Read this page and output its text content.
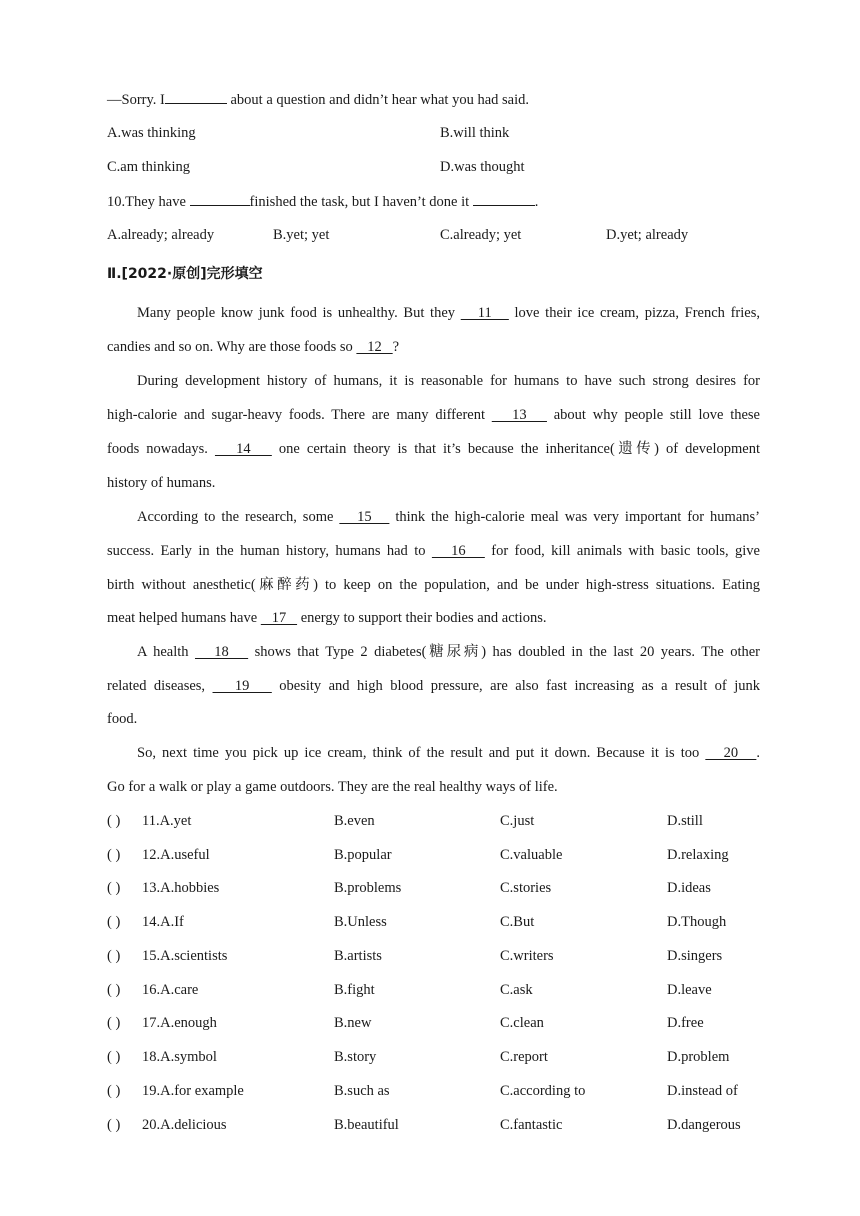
—Sorry. I	about a question and didn’t hear what you had said.
A.was thinking	B.will think
C.am thinking	D.was thought
10.They have	finished the task, but I haven’t done it	.
A.already; already	B.yet; yet	C.already; yet	D.yet; already
Ⅱ.[2022·原创]完形填空
Many people know junk food is unhealthy. But they    11    love their ice cream, pizza, French fries,
candies and so on. Why are those foods so    12   ?
During development history of humans, it is reasonable for humans to have such strong desires for
high-calorie and sugar-heavy foods. There are many different    13    about why people still love these
foods nowadays.    14    one certain theory is that it’s because the inheritance(遗传) of development
history of humans.
According to the research, some    15    think the high-calorie meal was very important for humans’
success. Early in the human history, humans had to    16    for food, kill animals with basic tools, give
birth without anesthetic(麻醉药) to keep on the population, and be under high-stress situations. Eating
meat helped humans have    17    energy to support their bodies and actions.
A health    18    shows that Type 2 diabetes(糖尿病) has doubled in the last 20 years. The other
related diseases,    19    obesity and high blood pressure, are also fast increasing as a result of junk
food.
So, next time you pick up ice cream, think of the result and put it down. Because it is too    20   .
Go for a walk or play a game outdoors. They are the real healthy ways of life.
( ) 11.A.yet	B.even	C.just	D.still
( ) 12.A.useful	B.popular	C.valuable	D.relaxing
( ) 13.A.hobbies	B.problems	C.stories	D.ideas
( ) 14.A.If	B.Unless	C.But	D.Though
( ) 15.A.scientists	B.artists	C.writers	D.singers
( ) 16.A.care	B.fight	C.ask	D.leave
( ) 17.A.enough	B.new	C.clean	D.free
( ) 18.A.symbol	B.story	C.report	D.problem
( ) 19.A.for example	B.such as	C.according to	D.instead of
( ) 20.A.delicious	B.beautiful	C.fantastic	D.dangerous
